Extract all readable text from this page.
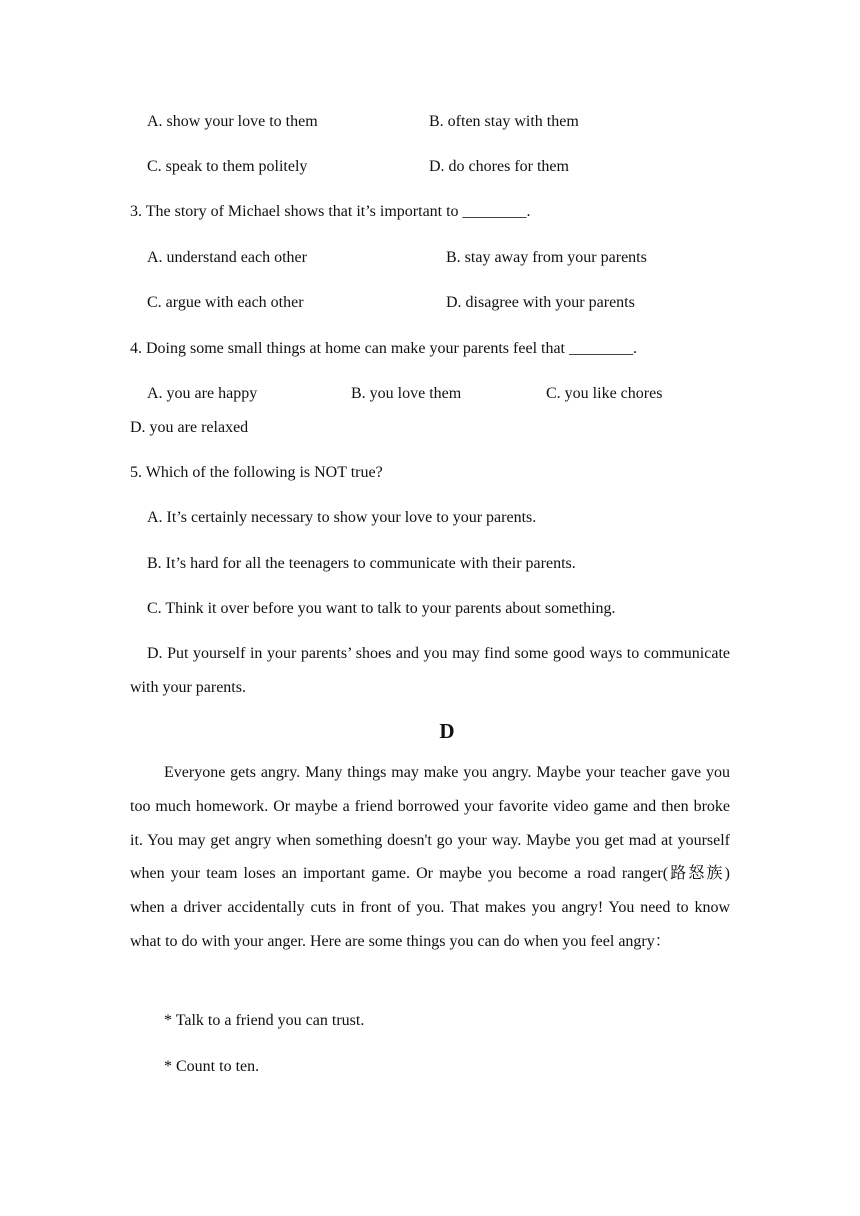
A. show your love to them	B. often stay with them
C. speak to them politely	D. do chores for them
3. The story of Michael shows that it’s important to ________.
A. understand each other	B. stay away from your parents
C. argue with each other	D. disagree with your parents
4. Doing some small things at home can make your parents feel that ________.
A. you are happy	B. you love them	C. you like chores
D. you are relaxed
5. Which of the following is NOT true?
A. It’s certainly necessary to show your love to your parents.
B. It’s hard for all the teenagers to communicate with their parents.
C. Think it over before you want to talk to your parents about something.
D. Put yourself in your parents’ shoes and you may find some good ways to communicate with your parents.
D
Everyone gets angry. Many things may make you angry. Maybe your teacher gave you too much homework. Or maybe a friend borrowed your favorite video game and then broke it. You may get angry when something doesn't go your way. Maybe you get mad at yourself when your team loses an important game. Or maybe you become a road ranger(路怒族) when a driver accidentally cuts in front of you. That makes you angry! You need to know what to do with your anger. Here are some things you can do when you feel angry：
* Talk to a friend you can trust.
* Count to ten.
